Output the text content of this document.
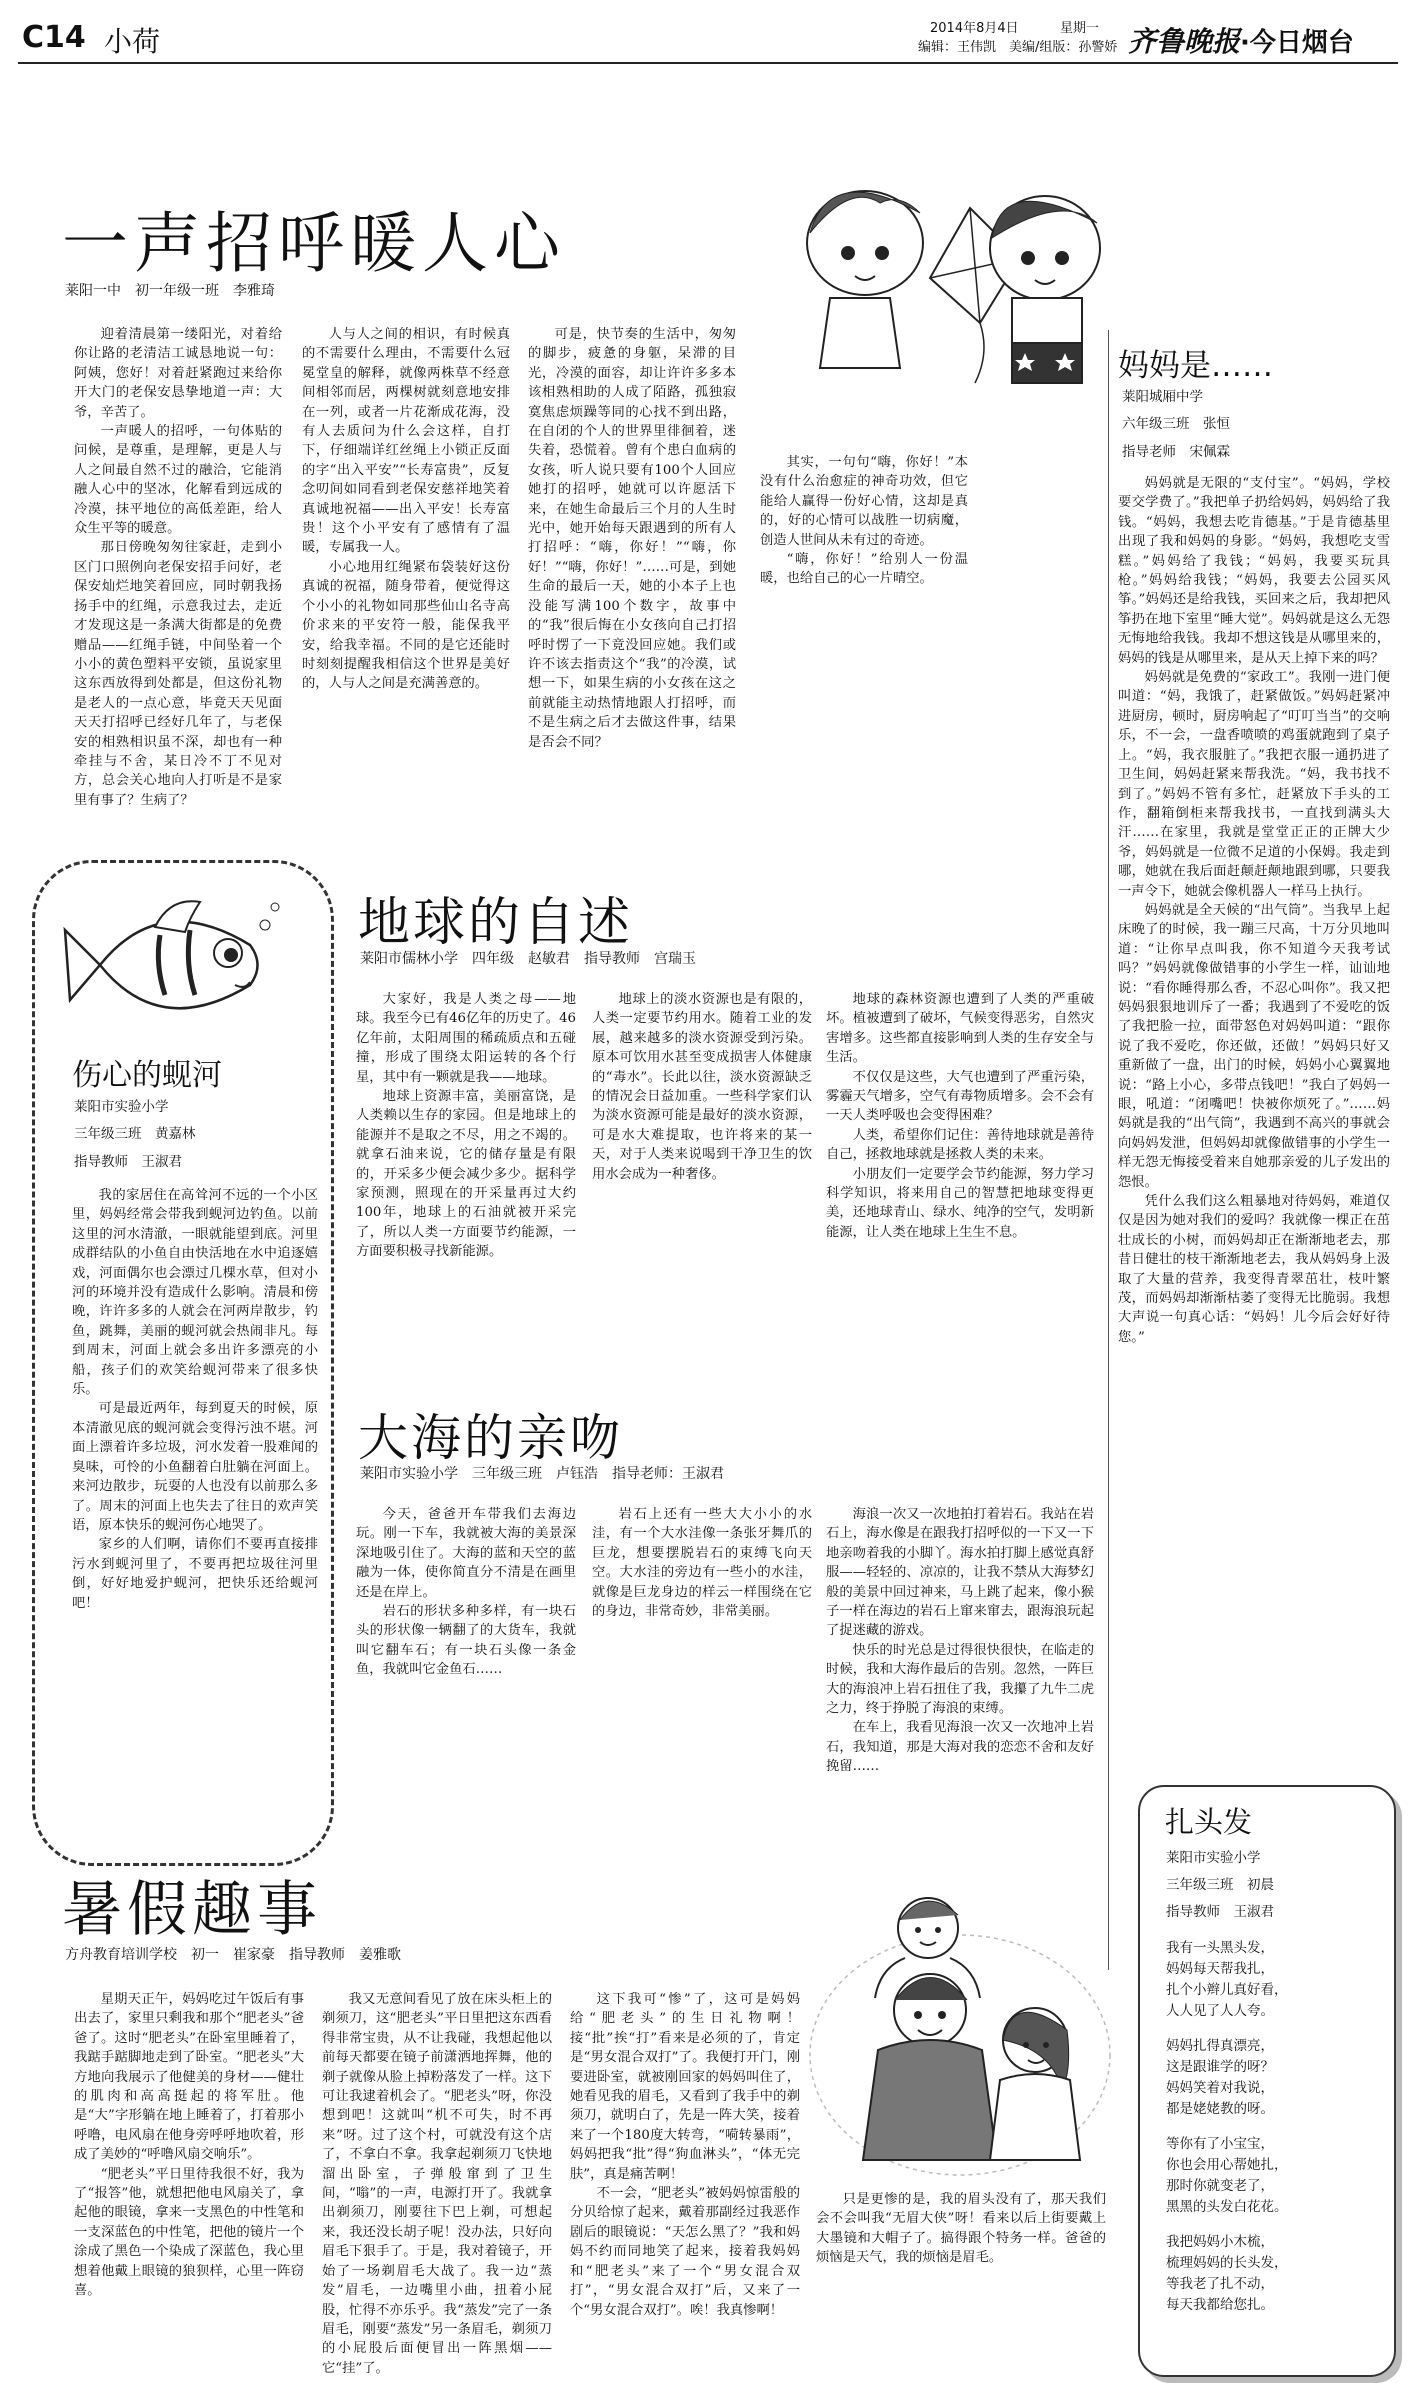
C14 小荷	2014年8月4日	星期一
编辑：王伟凯　美编/组版：孙警娇 齐鲁晚报·今日烟台
一声招呼暖人心
莱阳一中　初一年级一班　李雅琦

迎着清晨第一缕阳光，对着给你让路的老清洁工诚恳地说一句：阿姨，您好！对着赶紧跑过来给你开大门的老保安恳挚地道一声：大爷，辛苦了。

一声暖人的招呼，一句体贴的问候，是尊重，是理解，更是人与人之间最自然不过的融洽，它能消融人心中的坚冰，化解看到远成的冷漠，抹平地位的高低差距，给人众生平等的暖意。

那日傍晚匆匆往家赶，走到小区门口照例向老保安招手问好，老保安灿烂地笑着回应，同时朝我扬扬手中的红绳，示意我过去，走近才发现这是一条满大街都是的免费赠品——红绳手链，中间坠着一个小小的黄色塑料平安锁，虽说家里这东西放得到处都是，但这份礼物是老人的一点心意，毕竟天天见面天天打招呼已经好几年了，与老保安的相熟相识虽不深，却也有一种牵挂与不舍，某日冷不丁不见对方，总会关心地向人打听是不是家里有事了？生病了？

人与人之间的相识，有时候真的不需要什么理由，不需要什么冠冕堂皇的解释，就像两株草不经意间相邻而居，两棵树就刻意地安排在一列，或者一片花渐成花海，没有人去质问为什么会这样，自打下，仔细端详红丝绳上小锁正反面的字“出入平安”“长寿富贵”，反复念叨间如同看到老保安慈祥地笑着真诚地祝福——出入平安！长寿富贵！这个小平安有了感情有了温暖，专属我一人。

小心地用红绳紧布袋装好这份真诚的祝福，随身带着，便觉得这个小小的礼物如同那些仙山名寺高价求来的平安符一般，能保我平安，给我幸福。不同的是它还能时时刻刻提醒我相信这个世界是美好的，人与人之间是充满善意的。

可是，快节奏的生活中，匆匆的脚步，疲惫的身躯，呆滞的目光，冷漠的面容，却让许许多多本该相熟相助的人成了陌路，孤独寂寞焦虑烦躁等同的心找不到出路，在自闭的个人的世界里徘徊着，迷失着，恐慌着。曾有个患白血病的女孩，听人说只要有100个人回应她打的招呼，她就可以许愿活下来，在她生命最后三个月的人生时光中，她开始每天跟遇到的所有人打招呼：“嗨，你好！”“嗨，你好！”“嗨，你好！”……可是，到她生命的最后一天，她的小本子上也没能写满100个数字，故事中的“我”很后悔在小女孩向自己打招呼时愣了一下竟没回应她。我们或许不该去指责这个“我”的冷漠，试想一下，如果生病的小女孩在这之前就能主动热情地跟人打招呼，而不是生病之后才去做这件事，结果是否会不同？

其实，一句句“嗨，你好！”本没有什么治愈症的神奇功效，但它能给人赢得一份好心情，这却是真的，好的心情可以战胜一切病魔，创造人世间从未有过的奇迹。

“嗨，你好！”给别人一份温暖，也给自己的心一片晴空。

妈妈是……
莱阳城厢中学
六年级三班　张恒
指导老师　宋佩霖

妈妈就是无限的“支付宝”。“妈妈，学校要交学费了。”我把单子扔给妈妈，妈妈给了我钱。“妈妈，我想去吃肯德基。”于是肯德基里出现了我和妈妈的身影。“妈妈，我想吃支雪糕。”妈妈给了我钱；“妈妈，我要买玩具枪。”妈妈给我钱；“妈妈，我要去公园买风筝。”妈妈还是给我钱，买回来之后，我却把风筝扔在地下室里“睡大觉”。妈妈就是这么无怨无悔地给我钱。我却不想这钱是从哪里来的，妈妈的钱是从哪里来，是从天上掉下来的吗？

妈妈就是免费的“家政工”。我刚一进门便叫道：“妈，我饿了，赶紧做饭。”妈妈赶紧冲进厨房，顿时，厨房响起了“叮叮当当”的交响乐，不一会，一盘香喷喷的鸡蛋就跑到了桌子上。“妈，我衣服脏了。”我把衣服一通扔进了卫生间，妈妈赶紧来帮我洗。“妈，我书找不到了。”妈妈不管有多忙，赶紧放下手头的工作，翻箱倒柜来帮我找书，一直找到满头大汗……在家里，我就是堂堂正正的正牌大少爷，妈妈就是一位微不足道的小保姆。我走到哪，她就在我后面赶颠赶颠地跟到哪，只要我一声令下，她就会像机器人一样马上执行。

妈妈就是全天候的“出气筒”。当我早上起床晚了的时候，我一蹦三尺高，十万分贝地叫道：“让你早点叫我，你不知道今天我考试吗？”妈妈就像做错事的小学生一样，讪讪地说：“看你睡得那么香，不忍心叫你”。我又把妈妈狠狠地训斥了一番；我遇到了不爱吃的饭了我把脸一拉，面带怒色对妈妈叫道：“跟你说了我不爱吃，你还做，还做！”妈妈只好又重新做了一盘，出门的时候，妈妈小心翼翼地说：“路上小心，多带点钱吧！”我白了妈妈一眼，吼道：“闭嘴吧！快被你烦死了。”……妈妈就是我的“出气筒”，我遇到不高兴的事就会向妈妈发泄，但妈妈却就像做错事的小学生一样无怨无悔接受着来自她那亲爱的儿子发出的怨恨。

凭什么我们这么粗暴地对待妈妈，难道仅仅是因为她对我们的爱吗？我就像一棵正在茁壮成长的小树，而妈妈却正在渐渐地老去，那昔日健壮的枝干渐渐地老去，我从妈妈身上汲取了大量的营养，我变得青翠茁壮，枝叶繁茂，而妈妈却渐渐枯萎了变得无比脆弱。我想大声说一句真心话：“妈妈！儿今后会好好待您。”

伤心的蚬河
莱阳市实验小学
三年级三班　黄嘉林
指导教师　王淑君

我的家居住在高耸河不远的一个小区里，妈妈经常会带我到蚬河边钓鱼。以前这里的河水清澈，一眼就能望到底。河里成群结队的小鱼自由快活地在水中追逐嬉戏，河面偶尔也会漂过几棵水草，但对小河的环境并没有造成什么影响。清晨和傍晚，许许多多的人就会在河两岸散步，钓鱼，跳舞，美丽的蚬河就会热闹非凡。每到周末，河面上就会多出许多漂亮的小船，孩子们的欢笑给蚬河带来了很多快乐。

可是最近两年，每到夏天的时候，原本清澈见底的蚬河就会变得污浊不堪。河面上漂着许多垃圾，河水发着一股难闻的臭味，可怜的小鱼翻着白肚躺在河面上。来河边散步，玩耍的人也没有以前那么多了。周末的河面上也失去了往日的欢声笑语，原本快乐的蚬河伤心地哭了。

家乡的人们啊，请你们不要再直接排污水到蚬河里了，不要再把垃圾往河里倒，好好地爱护蚬河，把快乐还给蚬河吧！

地球的自述
莱阳市儒林小学　四年级　赵敏君　指导教师　宫瑞玉

大家好，我是人类之母——地球。我至今已有46亿年的历史了。46亿年前，太阳周围的稀疏质点和五碰撞，形成了围绕太阳运转的各个行星，其中有一颗就是我——地球。

地球上资源丰富，美丽富饶，是人类赖以生存的家园。但是地球上的能源并不是取之不尽，用之不竭的。就拿石油来说，它的储存量是有限的，开采多少便会减少多少。据科学家预测，照现在的开采量再过大约100年，地球上的石油就被开采完了，所以人类一方面要节约能源，一方面要积极寻找新能源。

地球上的淡水资源也是有限的，人类一定要节约用水。随着工业的发展，越来越多的淡水资源受到污染。原本可饮用水甚至变成损害人体健康的“毒水”。长此以往，淡水资源缺乏的情况会日益加重。一些科学家们认为淡水资源可能是最好的淡水资源，可是水大难提取，也许将来的某一天，对于人类来说喝到干净卫生的饮用水会成为一种奢侈。

地球的森林资源也遭到了人类的严重破坏。植被遭到了破坏，气候变得恶劣，自然灾害增多。这些都直接影响到人类的生存安全与生活。

不仅仅是这些，大气也遭到了严重污染，雾霾天气增多，空气有毒物质增多。会不会有一天人类呼吸也会变得困难？

人类，希望你们记住：善待地球就是善待自己，拯救地球就是拯救人类的未来。

小朋友们一定要学会节约能源，努力学习科学知识，将来用自己的智慧把地球变得更美，还地球青山、绿水、纯净的空气，发明新能源，让人类在地球上生生不息。

大海的亲吻
莱阳市实验小学　三年级三班　卢钰浩　指导老师：王淑君

今天，爸爸开车带我们去海边玩。刚一下车，我就被大海的美景深深地吸引住了。大海的蓝和天空的蓝融为一体，使你简直分不清是在画里还是在岸上。

岩石的形状多种多样，有一块石头的形状像一辆翻了的大货车，我就叫它翻车石；有一块石头像一条金鱼，我就叫它金鱼石……

岩石上还有一些大大小小的水洼，有一个大水洼像一条张牙舞爪的巨龙，想要摆脱岩石的束缚飞向天空。大水洼的旁边有一些小的水洼，就像是巨龙身边的样云一样围绕在它的身边，非常奇妙，非常美丽。

海浪一次又一次地拍打着岩石。我站在岩石上，海水像是在跟我打招呼似的一下又一下地亲吻着我的小脚丫。海水拍打脚上感觉真舒服——轻轻的、凉凉的，让我不禁从大海梦幻般的美景中回过神来，马上跳了起来，像小猴子一样在海边的岩石上窜来窜去，跟海浪玩起了捉迷藏的游戏。

快乐的时光总是过得很快很快，在临走的时候，我和大海作最后的告别。忽然，一阵巨大的海浪冲上岩石扭住了我，我攥了九牛二虎之力，终于挣脱了海浪的束缚。

在车上，我看见海浪一次又一次地冲上岩石，我知道，那是大海对我的恋恋不舍和友好挽留……

扎头发
莱阳市实验小学
三年级三班　初晨
指导教师　王淑君
我有一头黑头发，
妈妈每天帮我扎，
扎个小辫儿真好看，
人人见了人人夸。
妈妈扎得真漂亮，
这是跟谁学的呀？
妈妈笑着对我说，
都是姥姥教的呀。
等你有了小宝宝，
你也会用心帮她扎，
那时你就变老了，
黑黑的头发白花花。
我把妈妈小木梳，
梳理妈妈的长头发，
等我老了扎不动，
每天我都给您扎。
暑假趣事
方舟教育培训学校　初一　崔家豪　指导教师　姜雅歌

星期天正午，妈妈吃过午饭后有事出去了，家里只剩我和那个“肥老头”爸爸了。这时“肥老头”在卧室里睡着了，我踮手踮脚地走到了卧室。“肥老头”大方地向我展示了他健美的身材——健壮的肌肉和高高挺起的将军肚。他是“大”字形躺在地上睡着了，打着那小呼噜，电风扇在他身旁呼呼地吹着，形成了美妙的“呼噜风扇交响乐”。

“肥老头”平日里待我很不好，我为了“报答”他，就想把他电风扇关了，拿起他的眼镜，拿来一支黑色的中性笔和一支深蓝色的中性笔，把他的镜片一个涂成了黑色一个染成了深蓝色，我心里想着他戴上眼镜的狼狈样，心里一阵窃喜。

我又无意间看见了放在床头柜上的剃须刀，这“肥老头”平日里把这东西看得非常宝贵，从不让我碰，我想起他以前每天都要在镜子前潇洒地挥舞，他的剃子就像从脸上掉粉落发了一样。这下可让我逮着机会了。“肥老头”呀，你没想到吧！这就叫“机不可失，时不再来”呀。过了这个村，可就没有这个店了，不拿白不拿。我拿起剃须刀飞快地溜出卧室，子弹般窜到了卫生间，“嗡”的一声，电源打开了。我就拿出剃须刀，刚要往下巴上剃，可想起来，我还没长胡子呢！没办法，只好向眉毛下狠手了。于是，我对着镜子，开始了一场剃眉毛大战了。我一边“蒸发”眉毛，一边嘴里小曲，扭着小屁股，忙得不亦乐乎。我“蒸发”完了一条眉毛，刚要“蒸发”另一条眉毛，剃须刀的小屁股后面便冒出一阵黑烟——它“挂”了。

这下我可“惨”了，这可是妈妈给“肥老头”的生日礼物啊！接“批”挨“打”看来是必须的了，肯定是“男女混合双打”了。我便打开门，刚要进卧室，就被刚回家的妈妈叫住了，她看见我的眉毛，又看到了我手中的剃须刀，就明白了，先是一阵大笑，接着来了一个180度大转弯，“嗬转暴雨”，妈妈把我“批”得“狗血淋头”，“体无完肤”，真是痛苦啊！

不一会，“肥老头”被妈妈惊雷般的分贝给惊了起来，戴着那副经过我恶作剧后的眼镜说：“天怎么黑了？”我和妈妈不约而同地笑了起来，接着我妈妈和“肥老头”来了一个“男女混合双打”，“男女混合双打”后，又来了一个“男女混合双打”。唉！我真惨啊！

只是更惨的是，我的眉头没有了，那天我们会不会叫我“无眉大侠”呀！看来以后上街要戴上大墨镜和大帽子了。搞得跟个特务一样。爸爸的烦恼是天气，我的烦恼是眉毛。
